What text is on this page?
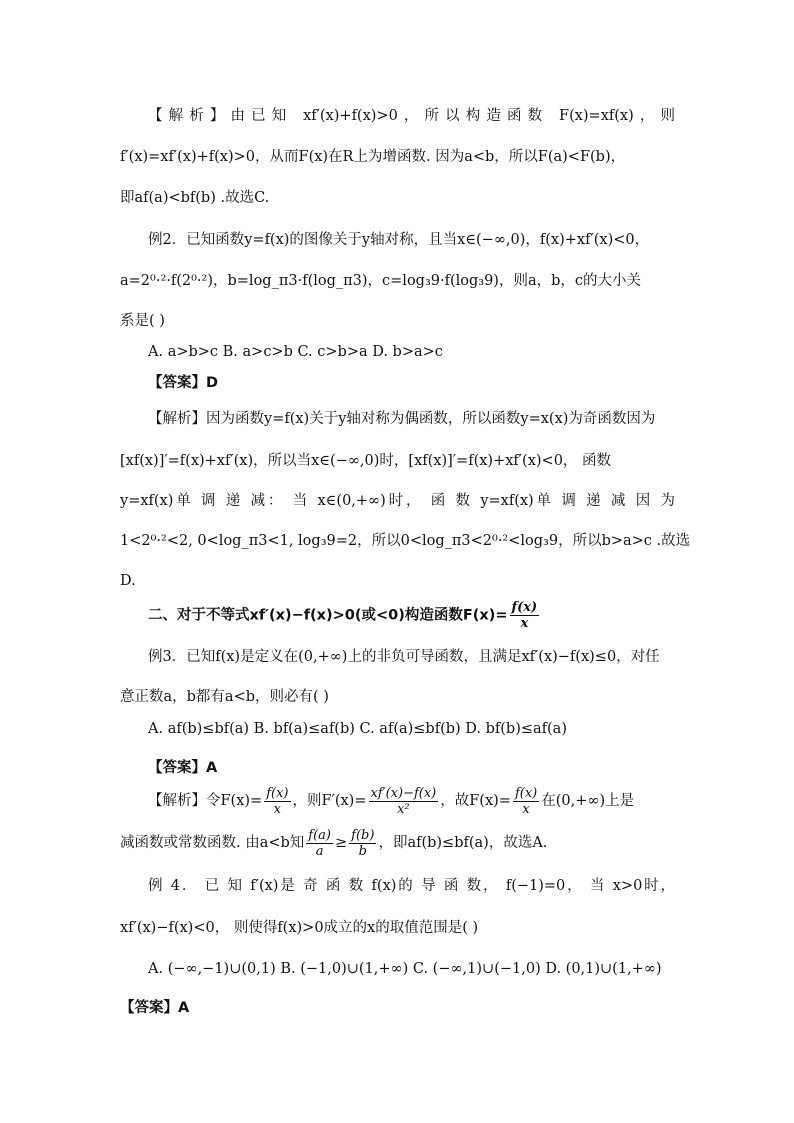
【解析】由已知 xf′(x)+f(x)>0，所以构造函数 F(x)=xf(x)，则
f′(x)=xf′(x)+f(x)>0，从而F(x)在R上为增函数. 因为a<b，所以F(a)<F(b)，
即af(a)<bf(b) .故选C.
例2．已知函数y=f(x)的图像关于y轴对称，且当x∈(−∞,0)，f(x)+xf′(x)<0，
a=2⁰·²·f(2⁰·²)，b=log_π3·f(log_π3)，c=log₃9·f(log₃9)，则a，b，c的大小关
系是( )
A. a>b>c B. a>c>b C. c>b>a D. b>a>c
【答案】D
【解析】因为函数y=f(x)关于y轴对称为偶函数，所以函数y=x(x)为奇函数因为
[xf(x)]′=f(x)+xf′(x)，所以当x∈(−∞,0)时，[xf(x)]′=f(x)+xf′(x)<0， 函数
y=xf(x)单 调 递 减： 当 x∈(0,+∞)时， 函 数 y=xf(x)单 调 递 减 因 为
1<2⁰·²<2, 0<log_π3<1, log₃9=2，所以0<log_π3<2⁰·²<log₃9，所以b>a>c .故选
D.
二、对于不等式xf′(x)−f(x)>0(或<0)构造函数$F(x)= \frac{f(x)}{x}$
例3．已知f(x)是定义在(0,+∞)上的非负可导函数，且满足xf′(x)−f(x)≤0，对任
意正数a，b都有a<b，则必有( )
A. af(b)≤bf(a) B. bf(a)≤af(b) C. af(a)≤bf(b) D. bf(b)≤af(a)
【答案】A
【解析】令$F(x)= \frac{f(x)}{x}$ ，则$F'(x)= \frac{xf'(x)-f(x)}{\text{x²}}$ ，故$F(x)= \frac{f(x)}{x}$ 在(0,+∞)上是
减函数或常数函数. 由a<b知 $\frac{f(a)}{a} \ge \frac{f(b)}{b}$ ，即af(b)≤bf(a)，故选A.
例 4． 已 知 f′(x)是 奇 函 数 f(x)的 导 函 数， f(−1)=0， 当 x>0时，
xf′(x)−f(x)<0， 则使得f(x)>0成立的x的取值范围是( )
A. (−∞,−1)∪(0,1) B. (−1,0)∪(1,+∞) C. (−∞,1)∪(−1,0) D. (0,1)∪(1,+∞)
【答案】A
